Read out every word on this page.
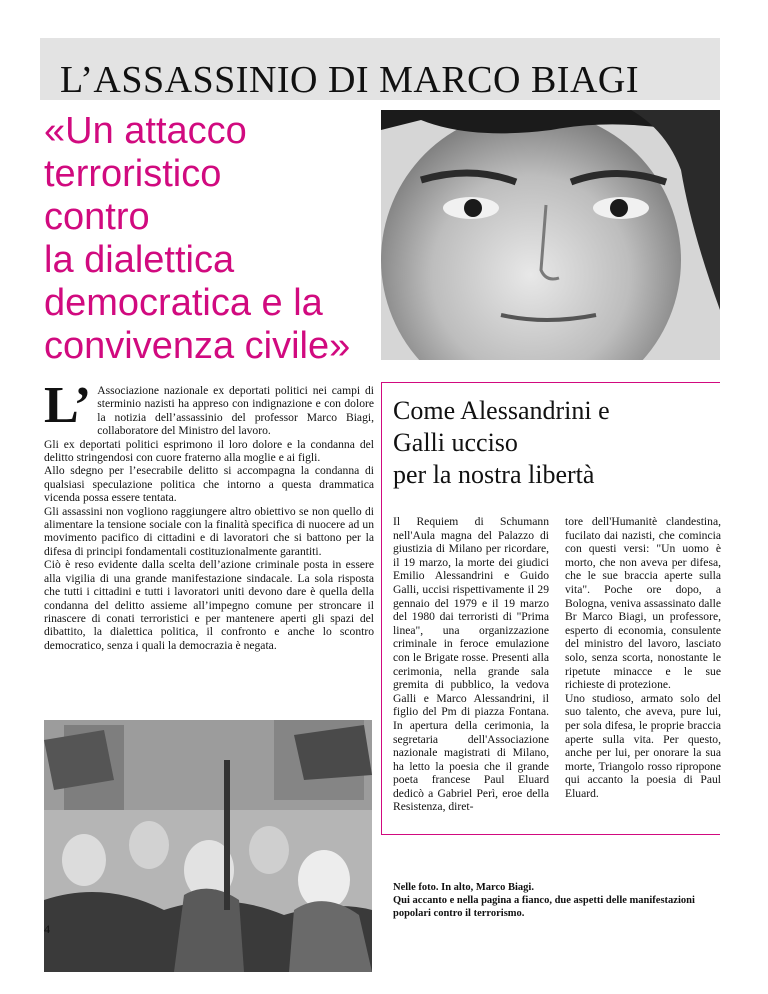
L’ASSASSINIO DI MARCO BIAGI
«Un attacco
terroristico
contro
la dialettica
democratica e la
convivenza civile»
L’ Associazione nazionale ex deportati politici nei campi di sterminio nazisti ha appreso con indignazione e con dolore la notizia dell’assassinio del professor Marco Biagi, collaboratore del Ministro del lavoro.

Gli ex deportati politici esprimono il loro dolore e la condanna del delitto stringendosi con cuore fraterno alla moglie e ai figli.

Allo sdegno per l’esecrabile delitto si accompagna la condanna di qualsiasi speculazione politica che intorno a questa drammatica vicenda possa essere tentata.

Gli assassini non vogliono raggiungere altro obiettivo se non quello di alimentare la tensione sociale con la finalità specifica di nuocere ad un movimento pacifico di cittadini e di lavoratori che si battono per la difesa di principi fondamentali costituzionalmente garantiti.

Ciò è reso evidente dalla scelta dell’azione criminale posta in essere alla vigilia di una grande manifestazione sindacale. La sola risposta che tutti i cittadini e tutti i lavoratori uniti devono dare è quella della condanna del delitto assieme all’impegno comune per stroncare il rinascere di conati terroristici e per mantenere aperti gli spazi del dibattito, la dialettica politica, il confronto e anche lo scontro democratico, senza i quali la democrazia è negata.

Come Alessandrini e
Galli ucciso
per la nostra libertà

Il Requiem di Schumann nell'Aula magna del Palazzo di giustizia di Milano per ricordare, il 19 marzo, la morte dei giudici Emilio Alessandrini e Guido Galli, uccisi rispettivamente il 29 gennaio del 1979 e il 19 marzo del 1980 dai terroristi di "Prima linea", una organizzazione criminale in feroce emulazione con le Brigate rosse. Presenti alla cerimonia, nella grande sala gremita di pubblico, la vedova Galli e Marco Alessandrini, il figlio del Pm di piazza Fontana. In apertura della cerimonia, la segretaria dell'Associazione nazionale magistrati di Milano, ha letto la poesia che il grande poeta francese Paul Eluard dedicò a Gabriel Perì, eroe della Resistenza, diret-

tore dell'Humanitè clandestina, fucilato dai nazisti, che comincia con questi versi: "Un uomo è morto, che non aveva per difesa, che le sue braccia aperte sulla vita". Poche ore dopo, a Bologna, veniva assassinato dalle Br Marco Biagi, un professore, esperto di economia, consulente del ministro del lavoro, lasciato solo, senza scorta, nonostante le ripetute minacce e le sue richieste di protezione.

Uno studioso, armato solo del suo talento, che aveva, pure lui, per sola difesa, le proprie braccia aperte sulla vita. Per questo, anche per lui, per onorare la sua morte, Triangolo rosso ripropone qui accanto la poesia di Paul Eluard.

Nelle foto. In alto, Marco Biagi.

Qui accanto e nella pagina a fianco, due aspetti delle manifestazioni popolari contro il terrorismo.

4
